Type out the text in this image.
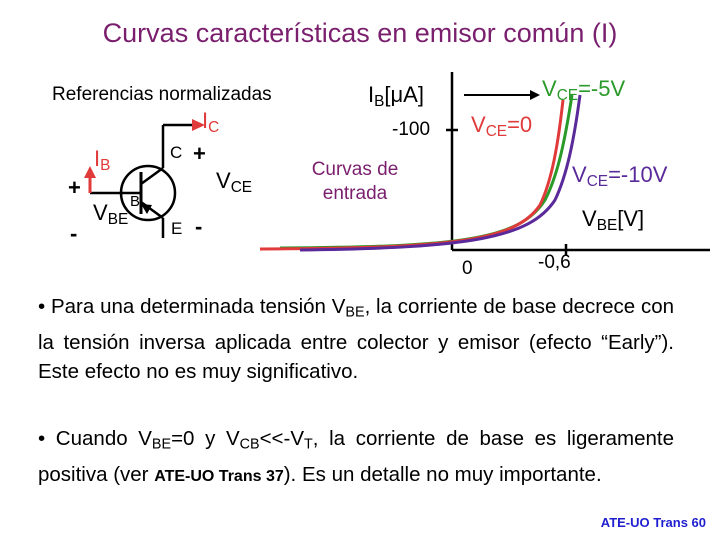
Curvas características en emisor común (I)
Referencias normalizadas
$I_C$
$I_B$
$V_{BE}$
$V_{CE}$
C
B
E
+
-
+
-
$I_B[\mu A]$
-100
$V_{BE}[V]$
0	-0,6
Curvas de
entrada
$V_{CE}=-5V$
$V_{CE}=0$
$V_{CE}=-10V$
• Para una determinada tensión $V_{BE}$, la corriente de base decrece con la tensión inversa aplicada entre colector y emisor (efecto “Early”). Este efecto no es muy significativo.
• Cuando $V_{BE}=0$ y $V_{CB}<<-V_T$, la corriente de base es ligeramente positiva (ver ATE-UO Trans 37). Es un detalle no muy importante.
ATE-UO Trans 60
